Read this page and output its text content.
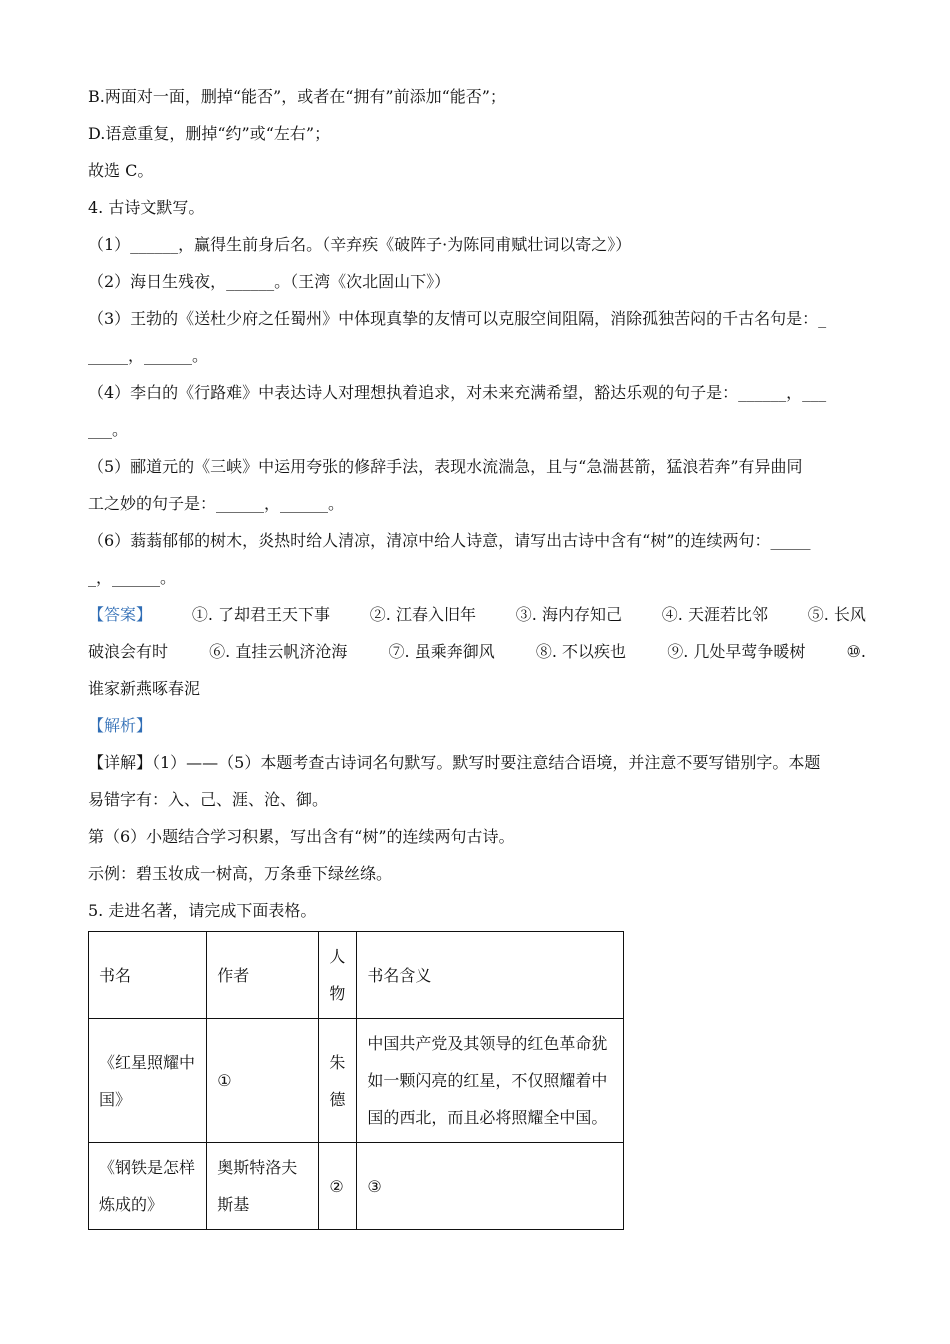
B.两面对一面，删掉“能否”，或者在“拥有”前添加“能否”；
D.语意重复，删掉“约”或“左右”；
故选 C。
4. 古诗文默写。
（1）______，赢得生前身后名。（辛弃疾《破阵子·为陈同甫赋壮词以寄之》）
（2）海日生残夜，______。（王湾《次北固山下》）
（3）王勃的《送杜少府之任蜀州》中体现真挚的友情可以克服空间阻隔，消除孤独苦闷的千古名句是：_
_____，______。
（4）李白的《行路难》中表达诗人对理想执着追求，对未来充满希望，豁达乐观的句子是：______，___
___。
（5）郦道元的《三峡》中运用夸张的修辞手法，表现水流湍急，且与“急湍甚箭，猛浪若奔”有异曲同
工之妙的句子是：______，______。
（6）蓊蓊郁郁的树木，炎热时给人清凉，清凉中给人诗意，请写出古诗中含有“树”的连续两句：_____
_，______。
【答案】 ①. 了却君王天下事 ②. 江春入旧年 ③. 海内存知己 ④. 天涯若比邻 ⑤. 长风
破浪会有时	⑥. 直挂云帆济沧海	⑦. 虽乘奔御风	⑧. 不以疾也	⑨. 几处早莺争暖树	⑩.
谁家新燕啄春泥
【解析】
【详解】（1）——（5）本题考查古诗词名句默写。默写时要注意结合语境，并注意不要写错别字。本题
易错字有：入、己、涯、沧、御。
第（6）小题结合学习积累，写出含有“树”的连续两句古诗。
示例：碧玉妆成一树高，万条垂下绿丝绦。
5. 走进名著，请完成下面表格。
书名	作者	人物	书名含义
《红星照耀中国》	①	朱德	中国共产党及其领导的红色革命犹如一颗闪亮的红星，不仅照耀着中国的西北，而且必将照耀全中国。
《钢铁是怎样炼成的》	奥斯特洛夫斯基	②	③
